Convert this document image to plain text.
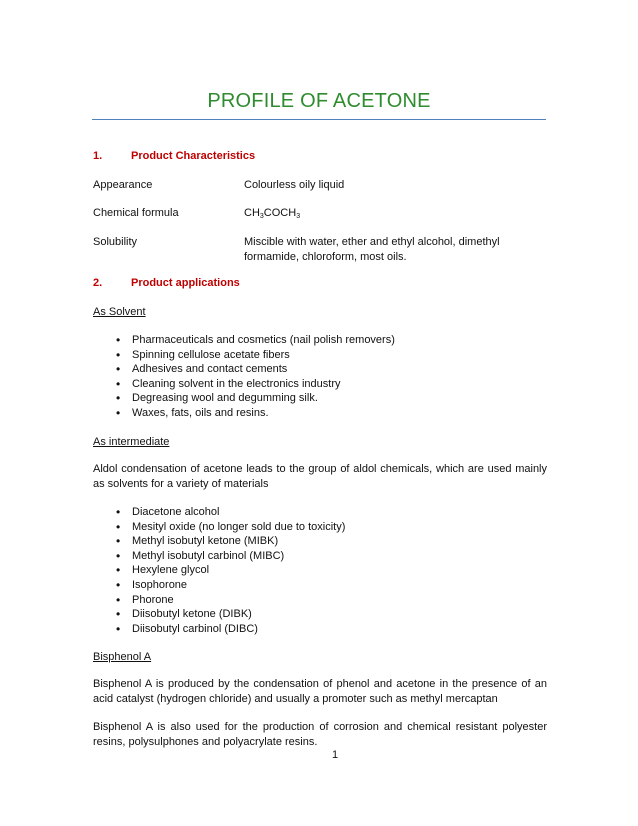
PROFILE OF ACETONE
1.	Product Characteristics
Appearance	Colourless oily liquid
Chemical formula	$CH_3COCH_3$
Solubility	Miscible with water, ether and ethyl alcohol, dimethyl
formamide, chloroform, most oils.
2.	Product applications
As Solvent
• Pharmaceuticals and cosmetics (nail polish removers)
• Spinning cellulose acetate fibers
• Adhesives and contact cements
• Cleaning solvent in the electronics industry
• Degreasing wool and degumming silk.
• Waxes, fats, oils and resins.
As intermediate
Aldol condensation of acetone leads to the group of aldol chemicals, which are used mainly as solvents for a variety of materials
• Diacetone alcohol
• Mesityl oxide (no longer sold due to toxicity)
• Methyl isobutyl ketone (MIBK)
• Methyl isobutyl carbinol (MIBC)
• Hexylene glycol
• Isophorone
• Phorone
• Diisobutyl ketone (DIBK)
• Diisobutyl carbinol (DIBC)
Bisphenol A
Bisphenol A is produced by the condensation of phenol and acetone in the presence of an acid catalyst (hydrogen chloride) and usually a promoter such as methyl mercaptan
Bisphenol A is also used for the production of corrosion and chemical resistant polyester resins, polysulphones and polyacrylate resins.
1
